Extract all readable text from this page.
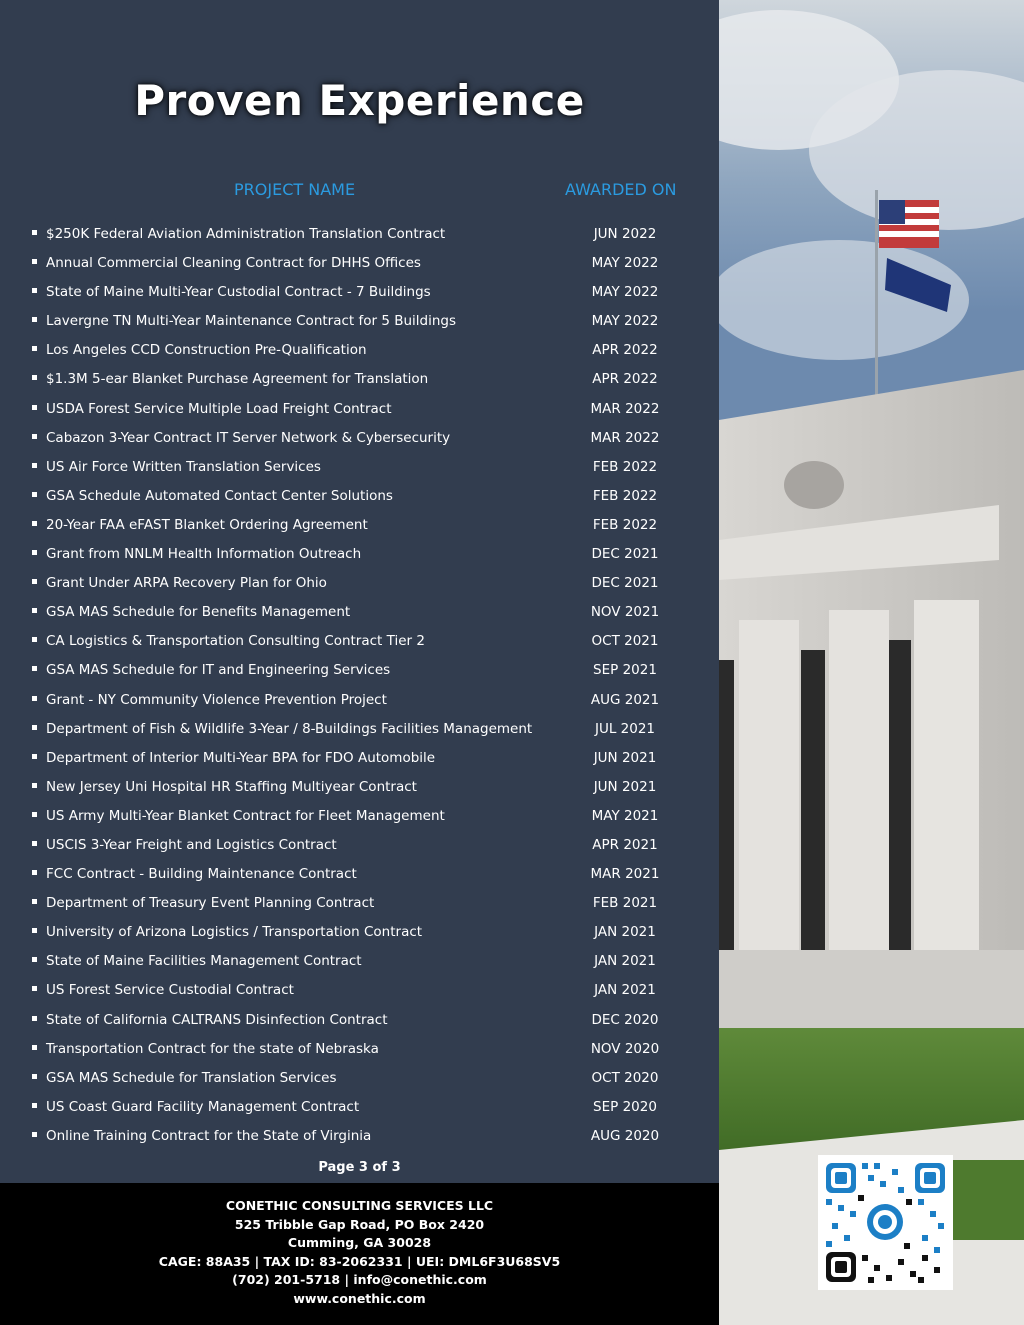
Proven Experience
PROJECT NAME	AWARDED ON
$250K Federal Aviation Administration Translation Contract	JUN 2022
Annual Commercial Cleaning Contract for DHHS Offices	MAY 2022
State of Maine Multi-Year Custodial Contract - 7 Buildings	MAY 2022
Lavergne TN Multi-Year Maintenance Contract for 5 Buildings	MAY 2022
Los Angeles CCD Construction Pre-Qualification	APR 2022
$1.3M 5-ear Blanket Purchase Agreement for Translation	APR 2022
USDA Forest Service Multiple Load Freight Contract	MAR 2022
Cabazon 3-Year Contract IT Server Network & Cybersecurity	MAR 2022
US Air Force Written Translation Services	FEB 2022
GSA Schedule Automated Contact Center Solutions	FEB 2022
20-Year FAA eFAST Blanket Ordering Agreement	FEB 2022
Grant from NNLM Health Information Outreach	DEC 2021
Grant Under ARPA Recovery Plan for Ohio	DEC 2021
GSA MAS Schedule for Benefits Management	NOV 2021
CA Logistics & Transportation Consulting Contract Tier 2	OCT 2021
GSA MAS Schedule for IT and Engineering Services	SEP 2021
Grant - NY Community Violence Prevention Project	AUG 2021
Department of Fish & Wildlife 3-Year / 8-Buildings Facilities Management	JUL 2021
Department of Interior Multi-Year BPA for FDO Automobile	JUN 2021
New Jersey Uni Hospital HR Staffing Multiyear Contract	JUN 2021
US Army Multi-Year Blanket Contract for Fleet Management	MAY 2021
USCIS 3-Year Freight and Logistics Contract	APR 2021
FCC Contract - Building Maintenance Contract	MAR 2021
Department of Treasury Event Planning Contract	FEB 2021
University of Arizona Logistics / Transportation Contract	JAN 2021
State of Maine Facilities Management Contract	JAN 2021
US Forest Service Custodial Contract	JAN 2021
State of California CALTRANS Disinfection Contract	DEC 2020
Transportation Contract for the state of Nebraska	NOV 2020
GSA MAS Schedule for Translation Services	OCT 2020
US Coast Guard Facility Management Contract	SEP 2020
Online Training Contract for the State of Virginia	AUG 2020
Page 3 of 3
CONETHIC CONSULTING SERVICES LLC
525 Tribble Gap Road, PO Box 2420
Cumming, GA 30028
CAGE: 88A35 | TAX ID: 83-2062331 | UEI: DML6F3U68SV5
(702) 201-5718 | info@conethic.com
www.conethic.com
